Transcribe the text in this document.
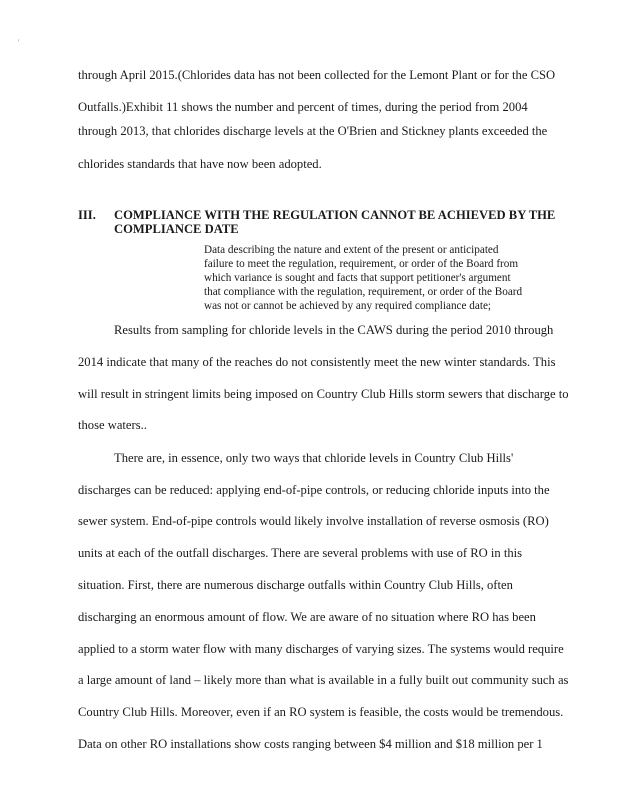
'
through April 2015.(Chlorides data has not been collected for the Lemont Plant or for the CSO
Outfalls.)Exhibit 11 shows the number and percent of times, during the period from 2004
through 2013, that chlorides discharge levels at the O'Brien and Stickney plants exceeded the
chlorides standards that have now been adopted.
III. COMPLIANCE WITH THE REGULATION CANNOT BE ACHIEVED BY THE
COMPLIANCE DATE
Data describing the nature and extent of the present or anticipated
failure to meet the regulation, requirement, or order of the Board from
which variance is sought and facts that support petitioner's argument
that compliance with the regulation, requirement, or order of the Board
was not or cannot be achieved by any required compliance date;
Results from sampling for chloride levels in the CAWS during the period 2010 through
2014 indicate that many of the reaches do not consistently meet the new winter standards. This
will result in stringent limits being imposed on Country Club Hills storm sewers that discharge to
those waters..
There are, in essence, only two ways that chloride levels in Country Club Hills'
discharges can be reduced: applying end-of-pipe controls, or reducing chloride inputs into the
sewer system. End-of-pipe controls would likely involve installation of reverse osmosis (RO)
units at each of the outfall discharges. There are several problems with use of RO in this
situation. First, there are numerous discharge outfalls within Country Club Hills, often
discharging an enormous amount of flow. We are aware of no situation where RO has been
applied to a storm water flow with many discharges of varying sizes. The systems would require
a large amount of land – likely more than what is available in a fully built out community such as
Country Club Hills. Moreover, even if an RO system is feasible, the costs would be tremendous.
Data on other RO installations show costs ranging between $4 million and $18 million per 1
